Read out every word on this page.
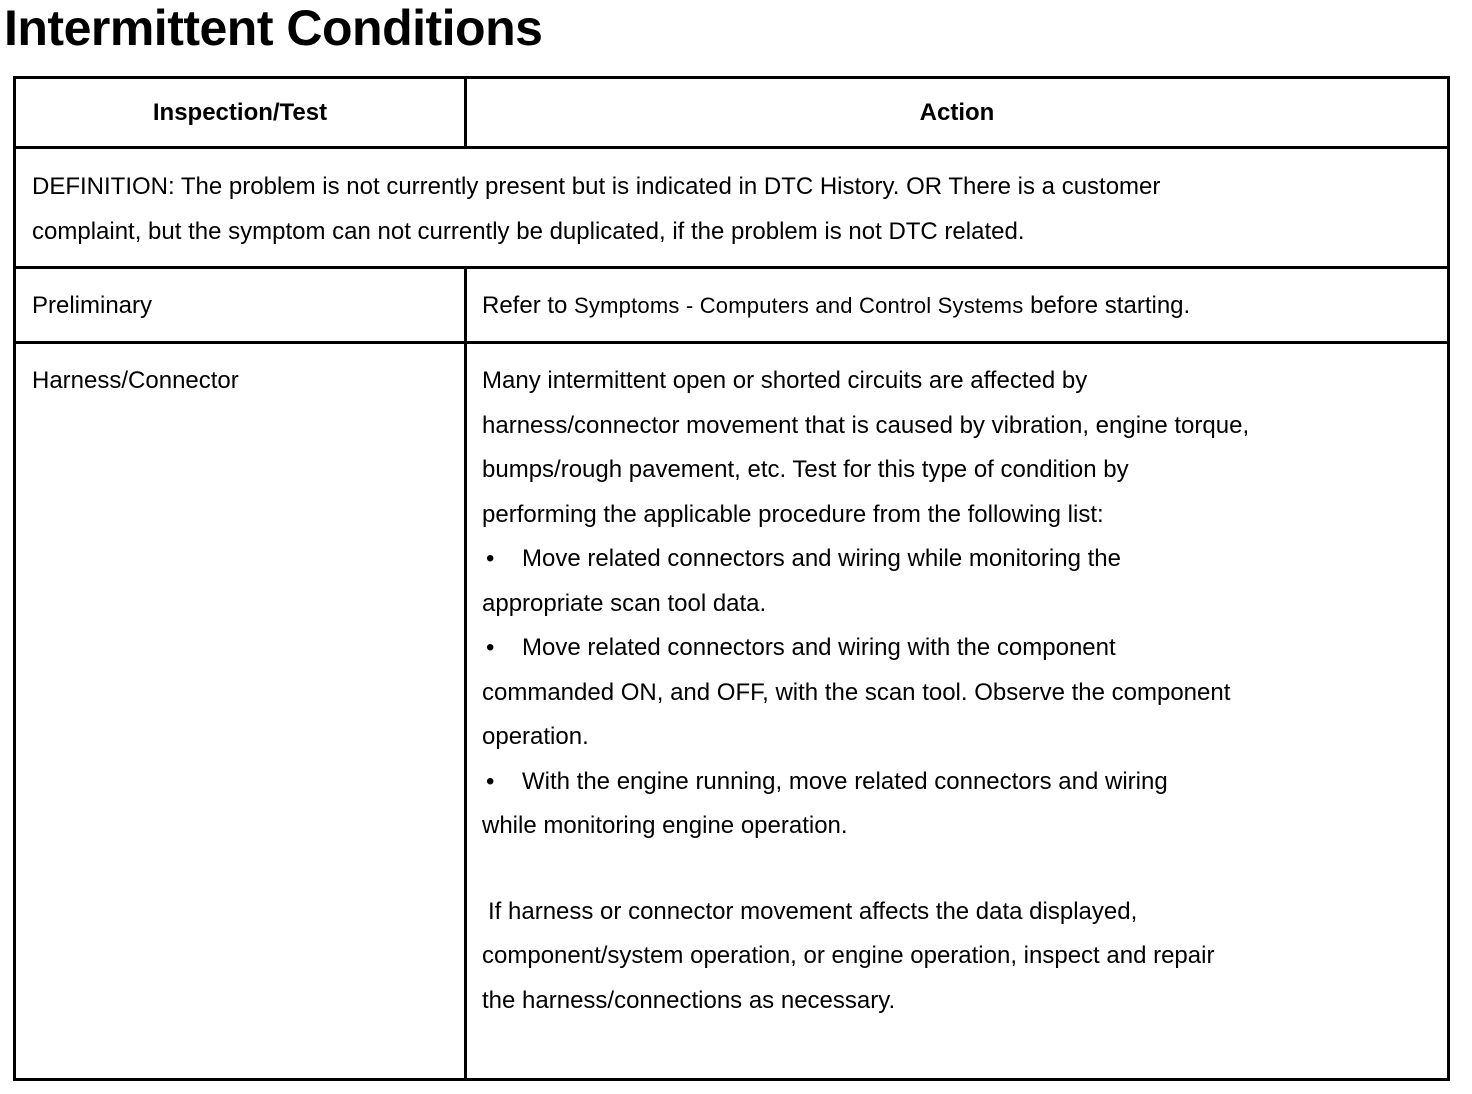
Intermittent Conditions
Inspection/Test	Action
DEFINITION: The problem is not currently present but is indicated in DTC History. OR There is a customer
complaint, but the symptom can not currently be duplicated, if the problem is not DTC related.
Preliminary	Refer to Symptoms - Computers and Control Systems before starting.
Harness/Connector	Many intermittent open or shorted circuits are affected by
harness/connector movement that is caused by vibration, engine torque,
bumps/rough pavement, etc. Test for this type of condition by
performing the applicable procedure from the following list:
• Move related connectors and wiring while monitoring the
appropriate scan tool data.
• Move related connectors and wiring with the component
commanded ON, and OFF, with the scan tool. Observe the component
operation.
• With the engine running, move related connectors and wiring
while monitoring engine operation.
If harness or connector movement affects the data displayed,
component/system operation, or engine operation, inspect and repair
the harness/connections as necessary.
